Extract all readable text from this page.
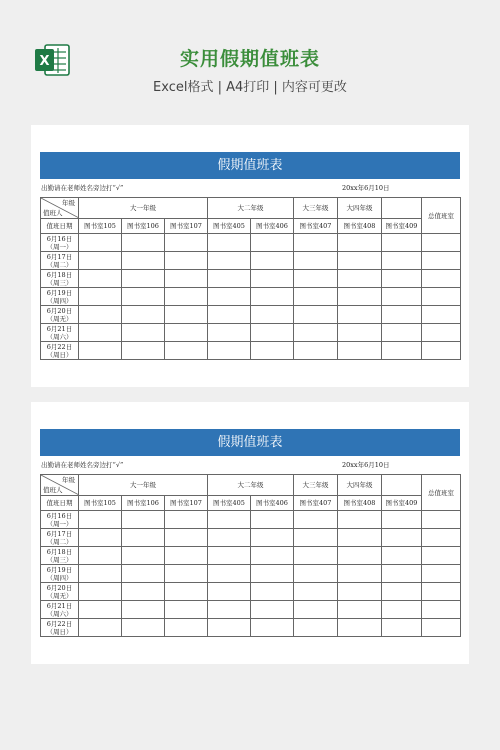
X	实用假期值班表
Excel格式 | A4打印 | 内容可更改
假期值班表
出勤请在老师姓名旁边打“√”	20xx年6月10日
年级
值班人	大一年级			大二年级		大三年级	大四年级		总值班室
值班日期	图书室105	图书室106	图书室107	图书室405	图书室406	图书室407	图书室408	图书室409	

6月16日
（周一）									

6月17日
（周二）									

6月18日
（周三）									

6月19日
（周四）									

6月20日
（周无）									

6月21日
（周六）									

6月22日
（周日）									

假期值班表
出勤请在老师姓名旁边打“√”	20xx年6月10日
年级
值班人	大一年级			大二年级		大三年级	大四年级		总值班室
值班日期	图书室105	图书室106	图书室107	图书室405	图书室406	图书室407	图书室408	图书室409	

6月16日
（周一）									

6月17日
（周二）									

6月18日
（周三）									

6月19日
（周四）									

6月20日
（周无）									

6月21日
（周六）									

6月22日
（周日）									
